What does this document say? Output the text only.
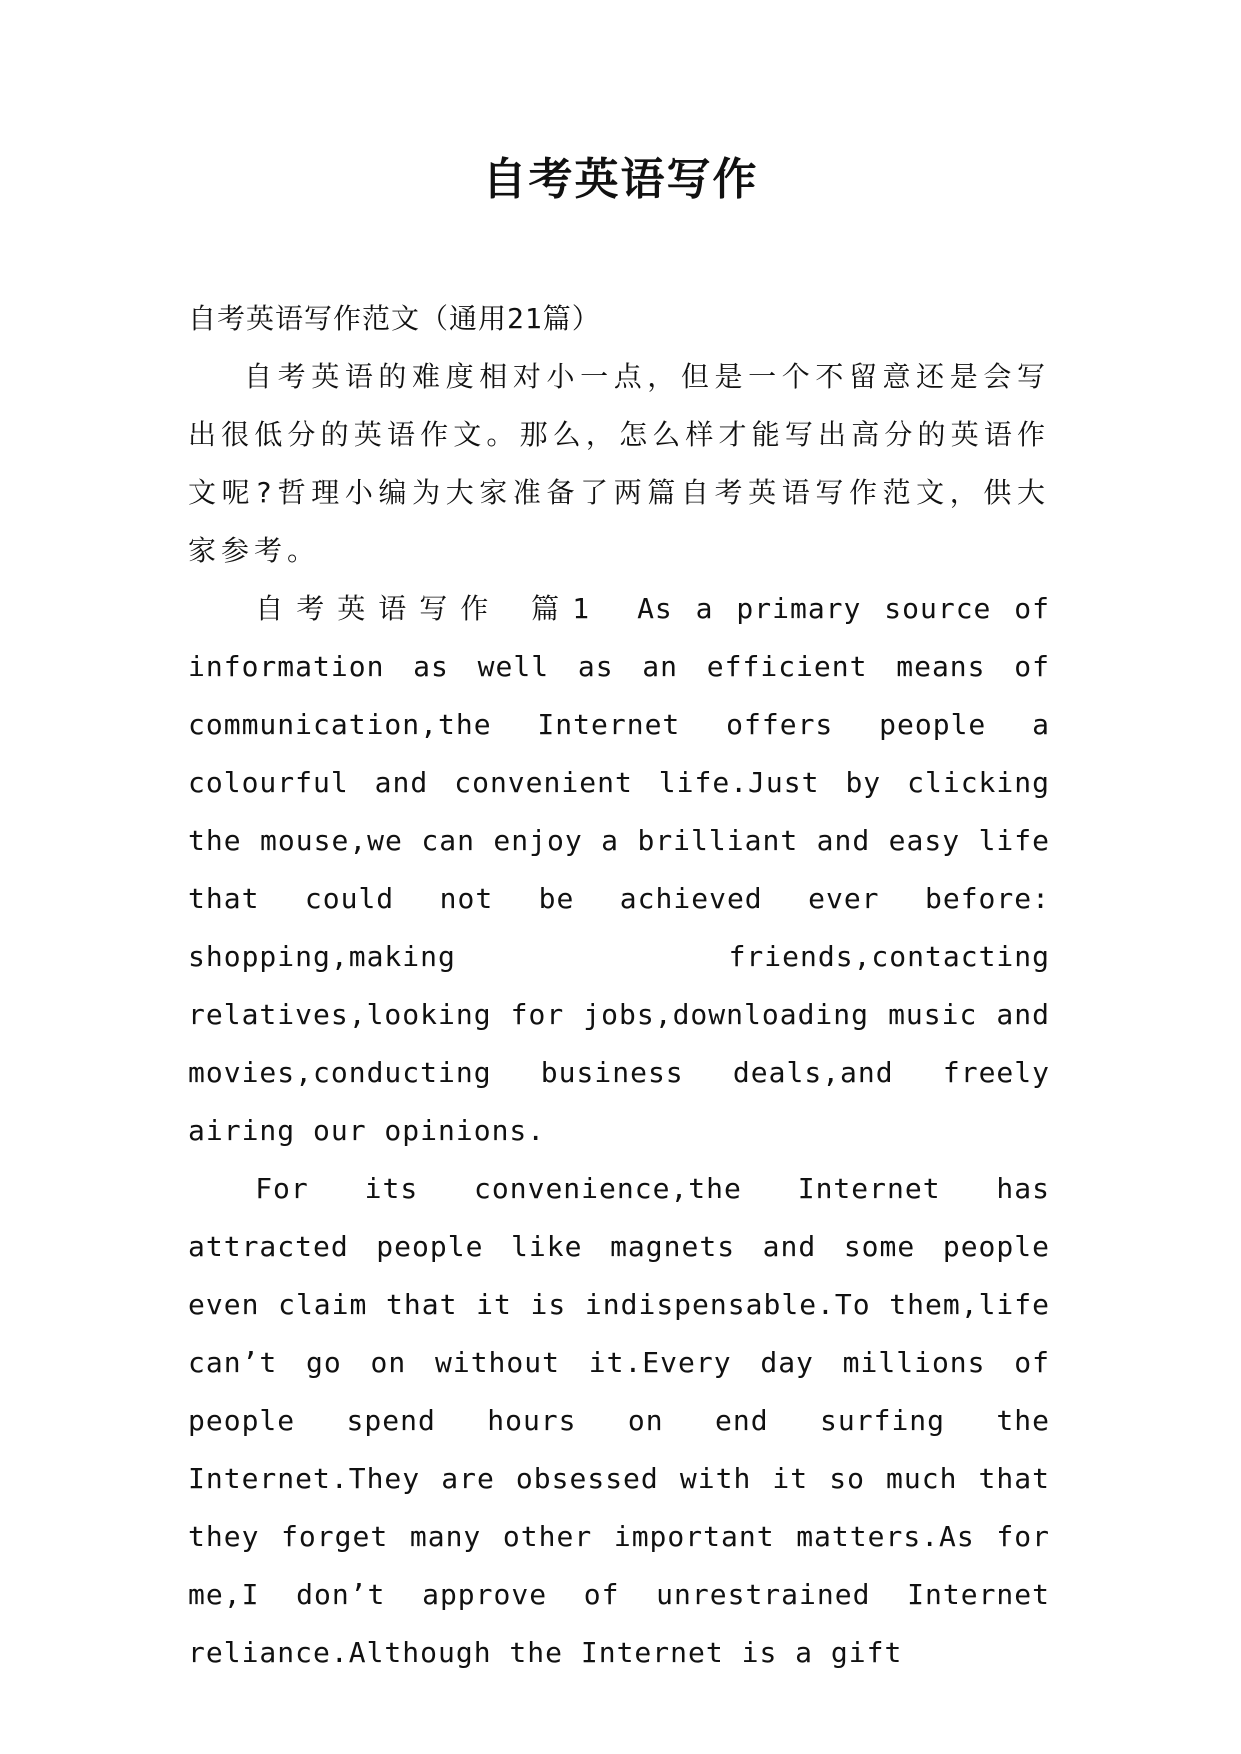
自考英语写作

自考英语写作范文（通用21篇）

自考英语的难度相对小一点，但是一个不留意还是会写出很低分的英语作文。那么，怎么样才能写出高分的英语作文呢?哲理小编为大家准备了两篇自考英语写作范文，供大家参考。

自考英语写作 篇1 As a primary source of information as well as an efficient means of communication,the Internet offers people a colourful and convenient life.Just by clicking the mouse,we can enjoy a brilliant and easy life that could not be achieved ever before: shopping,making friends,contacting relatives,looking for jobs,downloading music and movies,conducting business deals,and freely airing our opinions.

For its convenience,the Internet has attracted people like magnets and some people even claim that it is indispensable.To them,life can’t go on without it.Every day millions of people spend hours on end surfing the Internet.They are obsessed with it so much that they forget many other important matters.As for me,I don’t approve of unrestrained Internet reliance.Although the Internet is a gift
